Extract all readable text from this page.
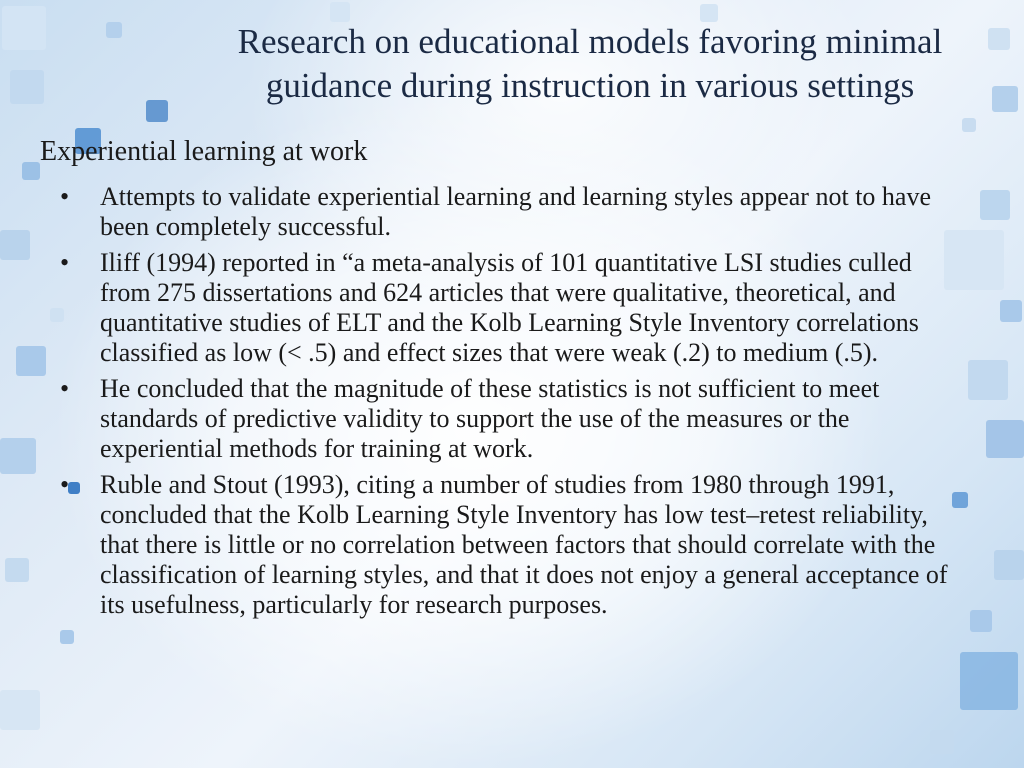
Research on educational models favoring minimal
guidance during instruction in various settings
Experiential learning at work
•	Attempts to validate experiential learning and learning styles appear not to have been completely successful.
•	Iliff (1994) reported in “a meta-analysis of 101 quantitative LSI studies culled from 275 dissertations and 624 articles that were qualitative, theoretical, and quantitative studies of ELT and the Kolb Learning Style Inventory correlations classified as low (< .5) and effect sizes that were weak (.2) to medium (.5).
•	He concluded that the magnitude of these statistics is not sufficient to meet standards of predictive validity to support the use of the measures or the experiential methods for training at work.
•	Ruble and Stout (1993), citing a number of studies from 1980 through 1991, concluded that the Kolb Learning Style Inventory has low test–retest reliability, that there is little or no correlation between factors that should correlate with the classification of learning styles, and that it does not enjoy a general acceptance of its usefulness, particularly for research purposes.
